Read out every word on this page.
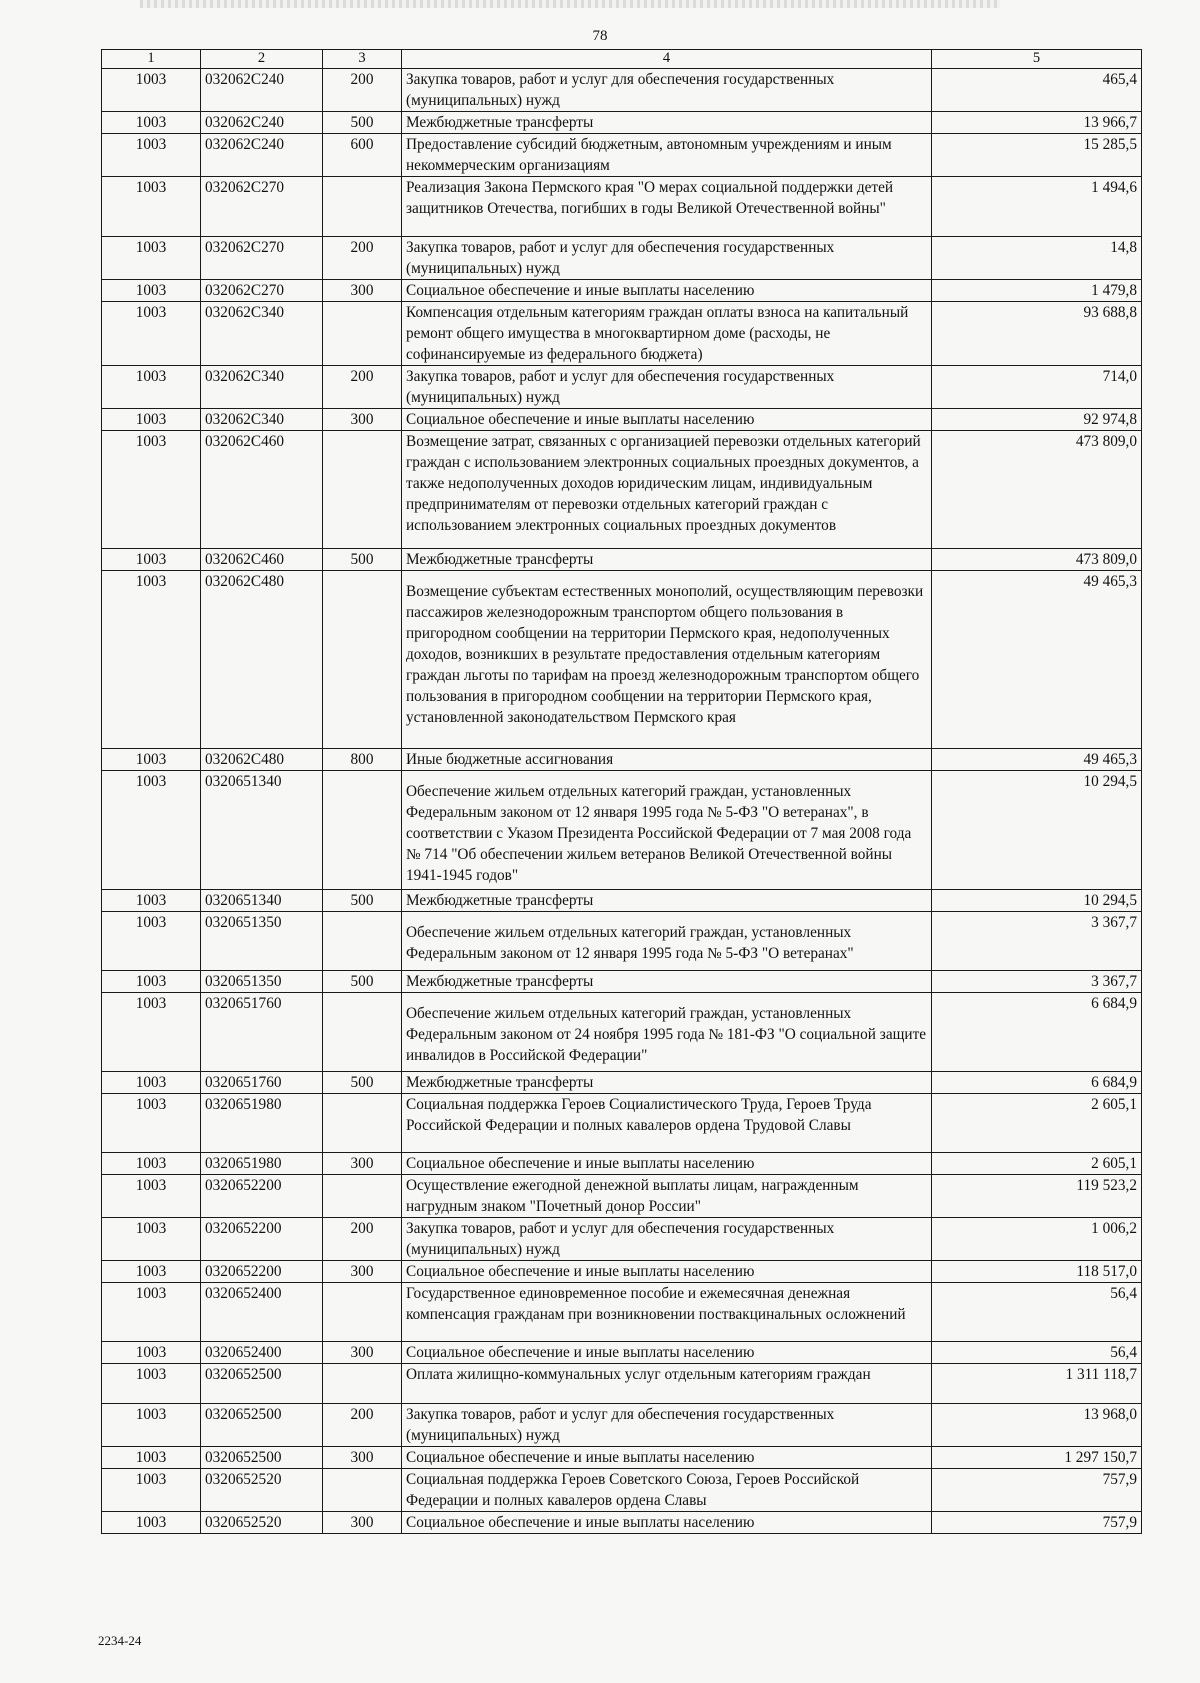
78
1	2	3	4	5
1003	032062С240	200	Закупка товаров, работ и услуг для обеспечения государственных (муниципальных) нужд	465,4
1003	032062С240	500	Межбюджетные трансферты	13 966,7
1003	032062С240	600	Предоставление субсидий бюджетным, автономным учреждениям и иным некоммерческим организациям	15 285,5
1003	032062С270		Реализация Закона Пермского края "О мерах социальной поддержки детей защитников Отечества, погибших в годы Великой Отечественной войны"	1 494,6
1003	032062С270	200	Закупка товаров, работ и услуг для обеспечения государственных (муниципальных) нужд	14,8
1003	032062С270	300	Социальное обеспечение и иные выплаты населению	1 479,8
1003	032062С340		Компенсация отдельным категориям граждан оплаты взноса на капитальный ремонт общего имущества в многоквартирном доме (расходы, не софинансируемые из федерального бюджета)	93 688,8
1003	032062С340	200	Закупка товаров, работ и услуг для обеспечения государственных (муниципальных) нужд	714,0
1003	032062С340	300	Социальное обеспечение и иные выплаты населению	92 974,8
1003	032062С460		Возмещение затрат, связанных с организацией перевозки отдельных категорий граждан с использованием электронных социальных проездных документов, а также недополученных доходов юридическим лицам, индивидуальным предпринимателям от перевозки отдельных категорий граждан с использованием электронных социальных проездных документов	473 809,0
1003	032062С460	500	Межбюджетные трансферты	473 809,0
1003	032062С480		Возмещение субъектам естественных монополий, осуществляющим перевозки пассажиров железнодорожным транспортом общего пользования в пригородном сообщении на территории Пермского края, недополученных доходов, возникших в результате предоставления отдельным категориям граждан льготы по тарифам на проезд железнодорожным транспортом общего пользования в пригородном сообщении на территории Пермского края, установленной законодательством Пермского края	49 465,3
1003	032062С480	800	Иные бюджетные ассигнования	49 465,3
1003	0320651340		Обеспечение жильем отдельных категорий граждан, установленных Федеральным законом от 12 января 1995 года № 5-ФЗ "О ветеранах", в соответствии с Указом Президента Российской Федерации от 7 мая 2008 года № 714 "Об обеспечении жильем ветеранов Великой Отечественной войны 1941-1945 годов"	10 294,5
1003	0320651340	500	Межбюджетные трансферты	10 294,5
1003	0320651350		Обеспечение жильем отдельных категорий граждан, установленных Федеральным законом от 12 января 1995 года № 5-ФЗ "О ветеранах"	3 367,7
1003	0320651350	500	Межбюджетные трансферты	3 367,7
1003	0320651760		Обеспечение жильем отдельных категорий граждан, установленных Федеральным законом от 24 ноября 1995 года № 181-ФЗ "О социальной защите инвалидов в Российской Федерации"	6 684,9
1003	0320651760	500	Межбюджетные трансферты	6 684,9
1003	0320651980		Социальная поддержка Героев Социалистического Труда, Героев Труда Российской Федерации и полных кавалеров ордена Трудовой Славы	2 605,1
1003	0320651980	300	Социальное обеспечение и иные выплаты населению	2 605,1
1003	0320652200		Осуществление ежегодной денежной выплаты лицам, награжденным нагрудным знаком "Почетный донор России"	119 523,2
1003	0320652200	200	Закупка товаров, работ и услуг для обеспечения государственных (муниципальных) нужд	1 006,2
1003	0320652200	300	Социальное обеспечение и иные выплаты населению	118 517,0
1003	0320652400		Государственное единовременное пособие и ежемесячная денежная компенсация гражданам при возникновении поствакцинальных осложнений	56,4
1003	0320652400	300	Социальное обеспечение и иные выплаты населению	56,4
1003	0320652500		Оплата жилищно-коммунальных услуг отдельным категориям граждан	1 311 118,7
1003	0320652500	200	Закупка товаров, работ и услуг для обеспечения государственных (муниципальных) нужд	13 968,0
1003	0320652500	300	Социальное обеспечение и иные выплаты населению	1 297 150,7
1003	0320652520		Социальная поддержка Героев Советского Союза, Героев Российской Федерации и полных кавалеров ордена Славы	757,9
1003	0320652520	300	Социальное обеспечение и иные выплаты населению	757,9
2234-24
